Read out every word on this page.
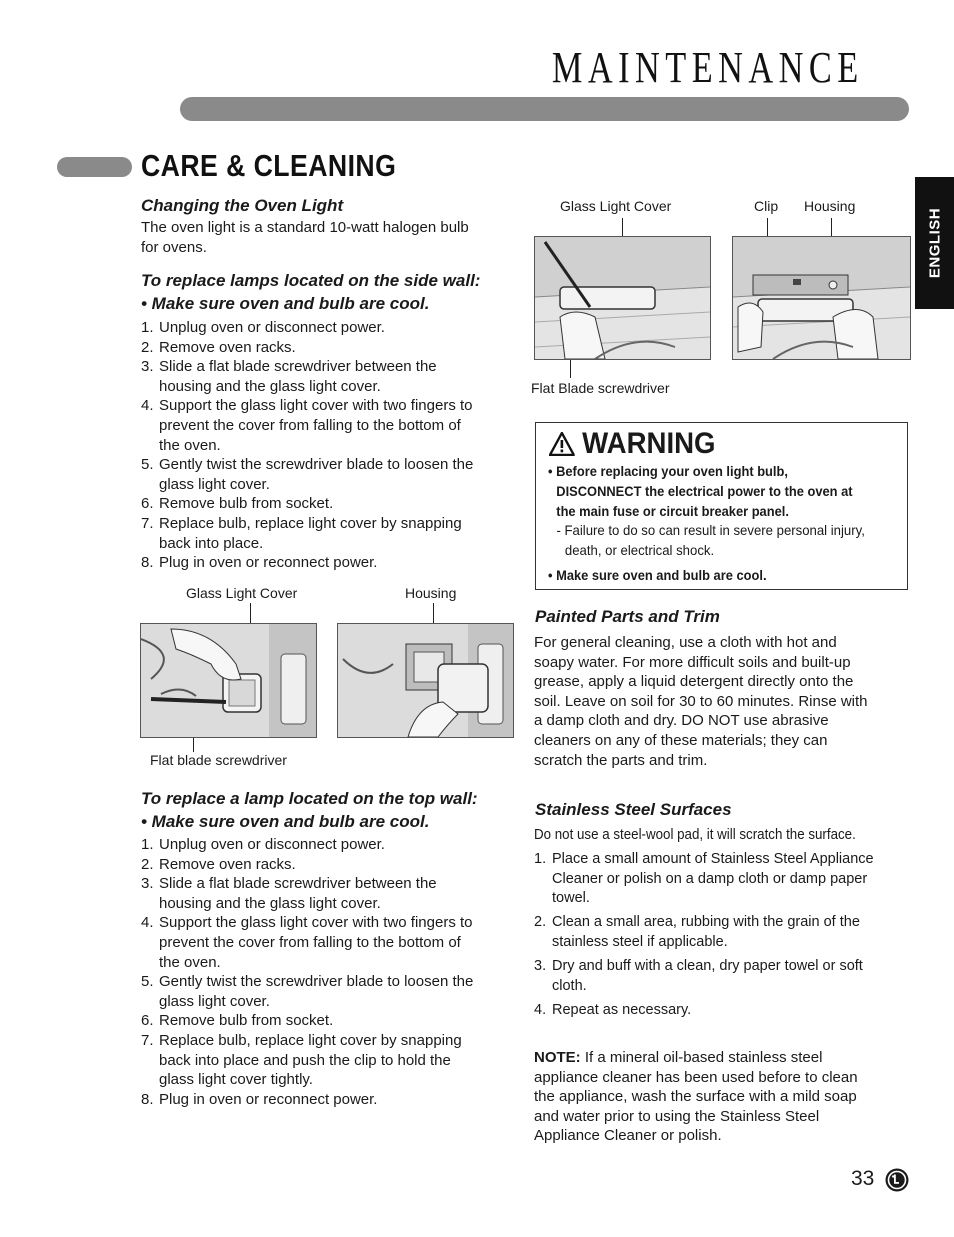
MAINTENANCE
CARE & CLEANING
ENGLISH
Changing the Oven Light
The oven light is a standard 10-watt halogen bulb
for ovens.
To replace lamps located on the side wall:
• Make sure oven and bulb are cool.
1. Unplug oven or disconnect power.
2. Remove oven racks.
3. Slide a flat blade screwdriver between the
housing and the glass light cover.
4. Support the glass light cover with two fingers to
prevent the cover from falling to the bottom of
the oven.
5. Gently twist the screwdriver blade to loosen the
glass light cover.
6. Remove bulb from socket.
7. Replace bulb, replace light cover by snapping
back into place.
8. Plug in oven or reconnect power.
Glass Light Cover	Housing
Flat blade screwdriver
To replace a lamp located on the top wall:
• Make sure oven and bulb are cool.
1. Unplug oven or disconnect power.
2. Remove oven racks.
3. Slide a flat blade screwdriver between the
housing and the glass light cover.
4. Support the glass light cover with two fingers to
prevent the cover from falling to the bottom of
the oven.
5. Gently twist the screwdriver blade to loosen the
glass light cover.
6. Remove bulb from socket.
7. Replace bulb, replace light cover by snapping
back into place and push the clip to hold the
glass light cover tightly.
8. Plug in oven or reconnect power.
Glass Light Cover	Clip Housing
Flat Blade screwdriver
WARNING
• Before replacing your oven light bulb,
DISCONNECT the electrical power to the oven at
the main fuse or circuit breaker panel.
- Failure to do so can result in severe personal injury,
death, or electrical shock.
• Make sure oven and bulb are cool.
Painted Parts and Trim
For general cleaning, use a cloth with hot and
soapy water. For more difficult soils and built-up
grease, apply a liquid detergent directly onto the
soil. Leave on soil for 30 to 60 minutes. Rinse with
a damp cloth and dry. DO NOT use abrasive
cleaners on any of these materials; they can
scratch the parts and trim.
Stainless Steel Surfaces
Do not use a steel-wool pad, it will scratch the surface.
1. Place a small amount of Stainless Steel Appliance
Cleaner or polish on a damp cloth or damp paper
towel.
2. Clean a small area, rubbing with the grain of the
stainless steel if applicable.
3. Dry and buff with a clean, dry paper towel or soft
cloth.
4. Repeat as necessary.
NOTE: If a mineral oil-based stainless steel
appliance cleaner has been used before to clean
the appliance, wash the surface with a mild soap
and water prior to using the Stainless Steel
Appliance Cleaner or polish.
33
